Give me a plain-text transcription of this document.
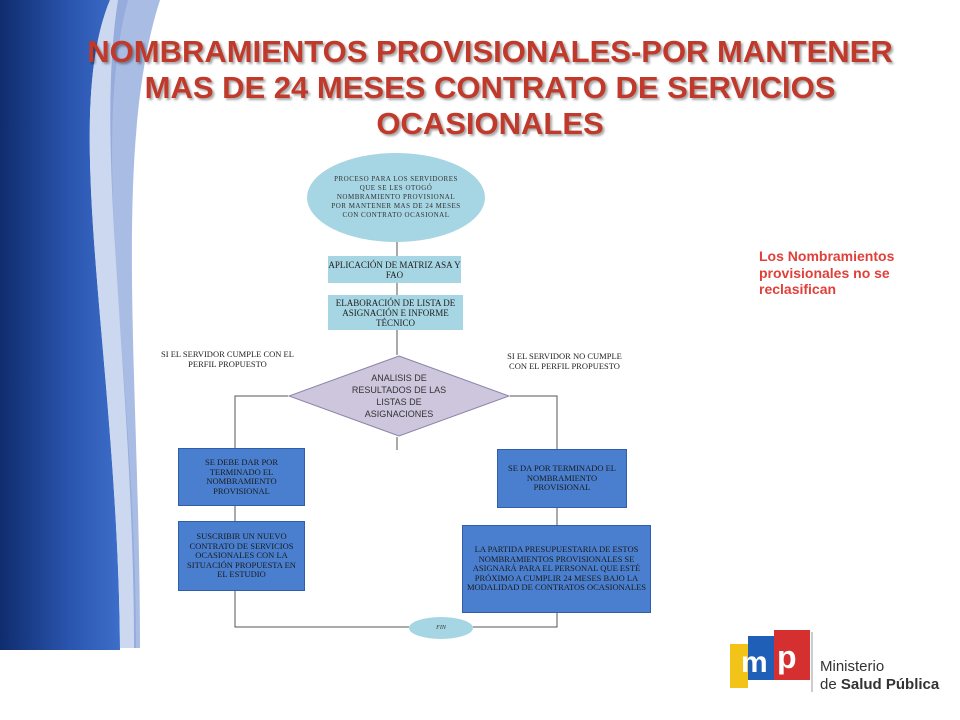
NOMBRAMIENTOS PROVISIONALES-POR MANTENER MAS DE 24 MESES CONTRATO DE SERVICIOS OCASIONALES
PROCESO PARA LOS SERVIDORES QUE SE LES OTOGÓ NOMBRAMIENTO PROVISIONAL POR MANTENER MAS DE 24 MESES CON CONTRATO OCASIONAL
APLICACIÓN DE MATRIZ ASA Y FAO
ELABORACIÓN DE LISTA DE ASIGNACIÓN E INFORME TÉCNICO
ANALISIS DE RESULTADOS DE LAS LISTAS DE ASIGNACIONES
SI EL SERVIDOR CUMPLE CON EL PERFIL PROPUESTO
SI EL SERVIDOR NO CUMPLE CON EL PERFIL PROPUESTO
SE DEBE DAR POR TERMINADO EL NOMBRAMIENTO PROVISIONAL
SUSCRIBIR UN NUEVO CONTRATO DE SERVICIOS OCASIONALES CON LA SITUACIÓN PROPUESTA EN EL ESTUDIO
SE DA POR TERMINADO EL NOMBRAMIENTO PROVISIONAL
LA PARTIDA PRESUPUESTARIA DE ESTOS NOMBRAMIENTOS PROVISIONALES SE ASIGNARÁ PARA EL PERSONAL QUE ESTÉ PRÓXIMO A CUMPLIR 24 MESES BAJO LA MODALIDAD DE CONTRATOS OCASIONALES
FIN

Los Nombramientos provisionales no se reclasifican

m p Ministerio
de Salud Pública
